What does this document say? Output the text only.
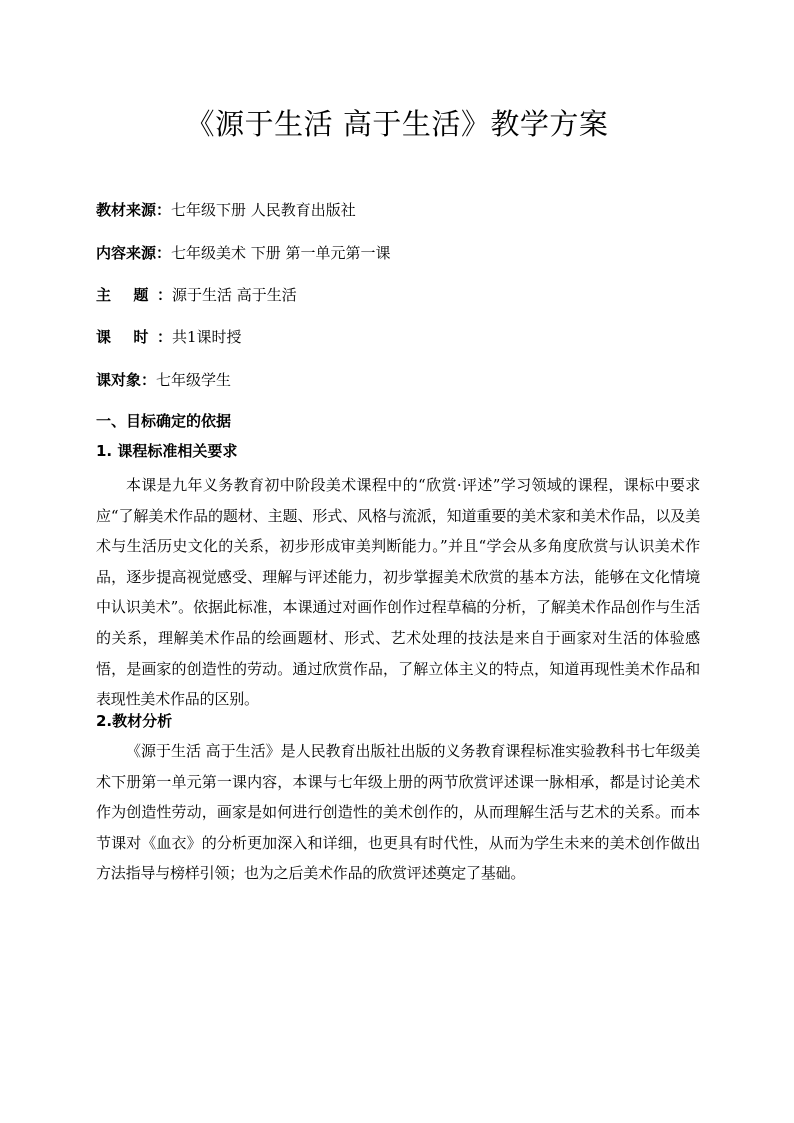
《源于生活 高于生活》教学方案
教材来源：七年级下册 人民教育出版社
内容来源：七年级美术 下册 第一单元第一课
主 题：源于生活 高于生活
课 时：共1课时授
课对象：七年级学生
一、目标确定的依据
1. 课程标准相关要求
本课是九年义务教育初中阶段美术课程中的“欣赏·评述”学习领域的课程，课标中要求应“了解美术作品的题材、主题、形式、风格与流派，知道重要的美术家和美术作品，以及美术与生活历史文化的关系，初步形成审美判断能力。”并且“学会从多角度欣赏与认识美术作品，逐步提高视觉感受、理解与评述能力，初步掌握美术欣赏的基本方法，能够在文化情境中认识美术”。依据此标准，本课通过对画作创作过程草稿的分析，了解美术作品创作与生活的关系，理解美术作品的绘画题材、形式、艺术处理的技法是来自于画家对生活的体验感悟，是画家的创造性的劳动。通过欣赏作品，了解立体主义的特点，知道再现性美术作品和表现性美术作品的区别。
2.教材分析
《源于生活 高于生活》是人民教育出版社出版的义务教育课程标准实验教科书七年级美术下册第一单元第一课内容，本课与七年级上册的两节欣赏评述课一脉相承，都是讨论美术作为创造性劳动，画家是如何进行创造性的美术创作的，从而理解生活与艺术的关系。而本节课对《血衣》的分析更加深入和详细，也更具有时代性，从而为学生未来的美术创作做出方法指导与榜样引领；也为之后美术作品的欣赏评述奠定了基础。
